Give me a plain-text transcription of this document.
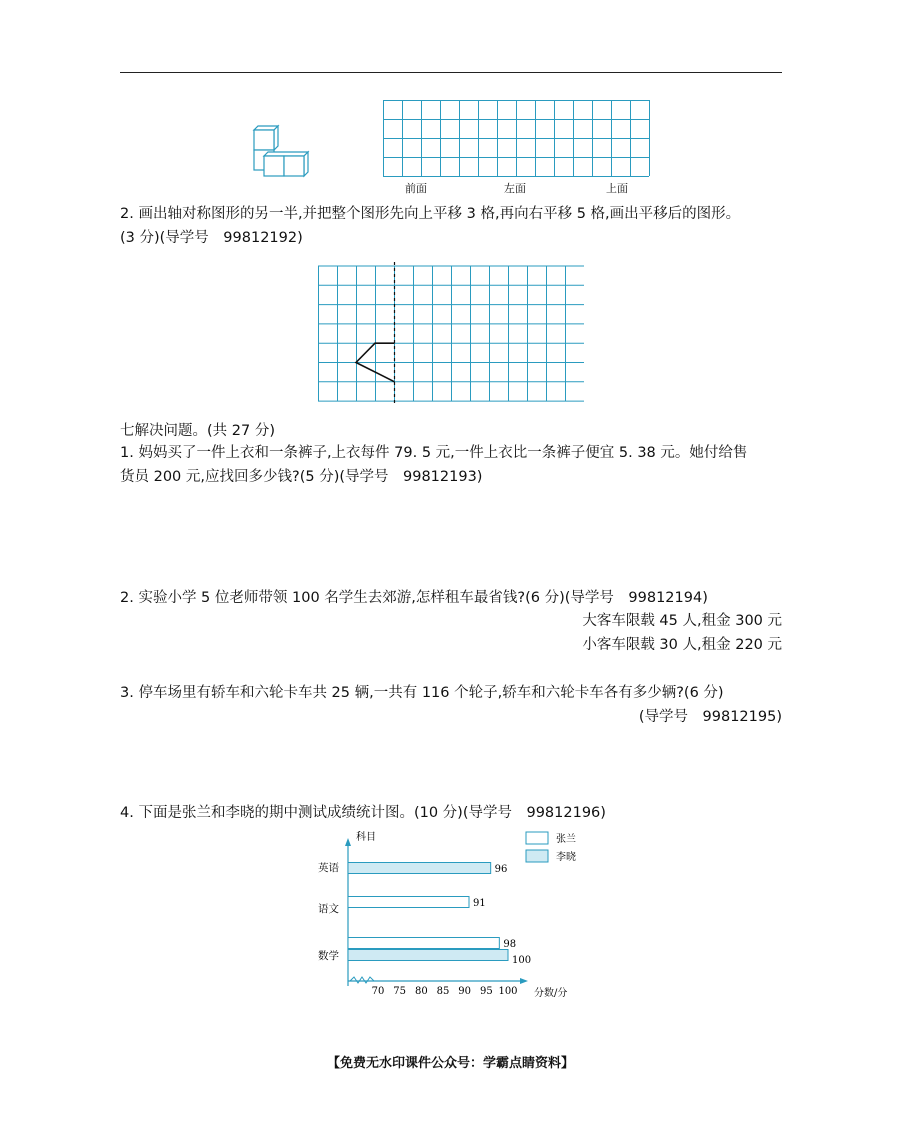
前面	左面	上面
2. 画出轴对称图形的另一半,并把整个图形先向上平移 3 格,再向右平移 5 格,画出平移后的图形。
(3 分)(导学号　99812192)
七解决问题。(共 27 分)
1. 妈妈买了一件上衣和一条裤子,上衣每件 79. 5 元,一件上衣比一条裤子便宜 5. 38 元。她付给售
货员 200 元,应找回多少钱?(5 分)(导学号　99812193)
2. 实验小学 5 位老师带领 100 名学生去郊游,怎样租车最省钱?(6 分)(导学号　99812194)
大客车限载 45 人,租金 300 元
小客车限载 30 人,租金 220 元
3. 停车场里有轿车和六轮卡车共 25 辆,一共有 116 个轮子,轿车和六轮卡车各有多少辆?(6 分)
(导学号　99812195)
4. 下面是张兰和李晓的期中测试成绩统计图。(10 分)(导学号　99812196)
科目
70 75 80 85 90 95 100
英语
语文
数学
96
91
98
100
分数/分
张兰
李晓
【免费无水印课件公众号：学霸点睛资料】
